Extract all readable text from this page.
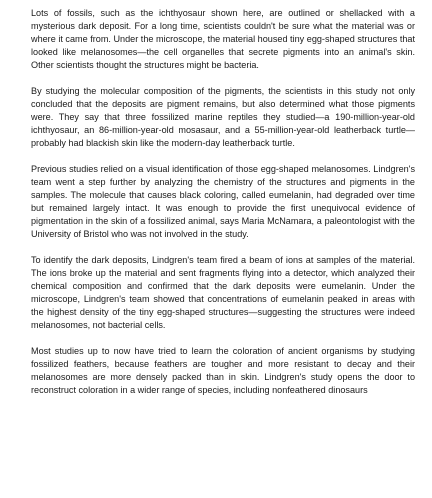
Lots of fossils, such as the ichthyosaur shown here, are outlined or shellacked with a mysterious dark deposit. For a long time, scientists couldn't be sure what the material was or where it came from. Under the microscope, the material housed tiny egg-shaped structures that looked like melanosomes—the cell organelles that secrete pigments into an animal's skin. Other scientists thought the structures might be bacteria.

By studying the molecular composition of the pigments, the scientists in this study not only concluded that the deposits are pigment remains, but also determined what those pigments were. They say that three fossilized marine reptiles they studied—a 190-million-year-old ichthyosaur, an 86-million-year-old mosasaur, and a 55-million-year-old leatherback turtle—probably had blackish skin like the modern-day leatherback turtle.

Previous studies relied on a visual identification of those egg-shaped melanosomes. Lindgren's team went a step further by analyzing the chemistry of the structures and pigments in the samples. The molecule that causes black coloring, called eumelanin, had degraded over time but remained largely intact. It was enough to provide the first unequivocal evidence of pigmentation in the skin of a fossilized animal, says Maria McNamara, a paleontologist with the University of Bristol who was not involved in the study.

To identify the dark deposits, Lindgren's team fired a beam of ions at samples of the material. The ions broke up the material and sent fragments flying into a detector, which analyzed their chemical composition and confirmed that the dark deposits were eumelanin. Under the microscope, Lindgren's team showed that concentrations of eumelanin peaked in areas with the highest density of the tiny egg-shaped structures—suggesting the structures were indeed melanosomes, not bacterial cells.

Most studies up to now have tried to learn the coloration of ancient organisms by studying fossilized feathers, because feathers are tougher and more resistant to decay and their melanosomes are more densely packed than in skin. Lindgren's study opens the door to reconstruct coloration in a wider range of species, including nonfeathered dinosaurs
